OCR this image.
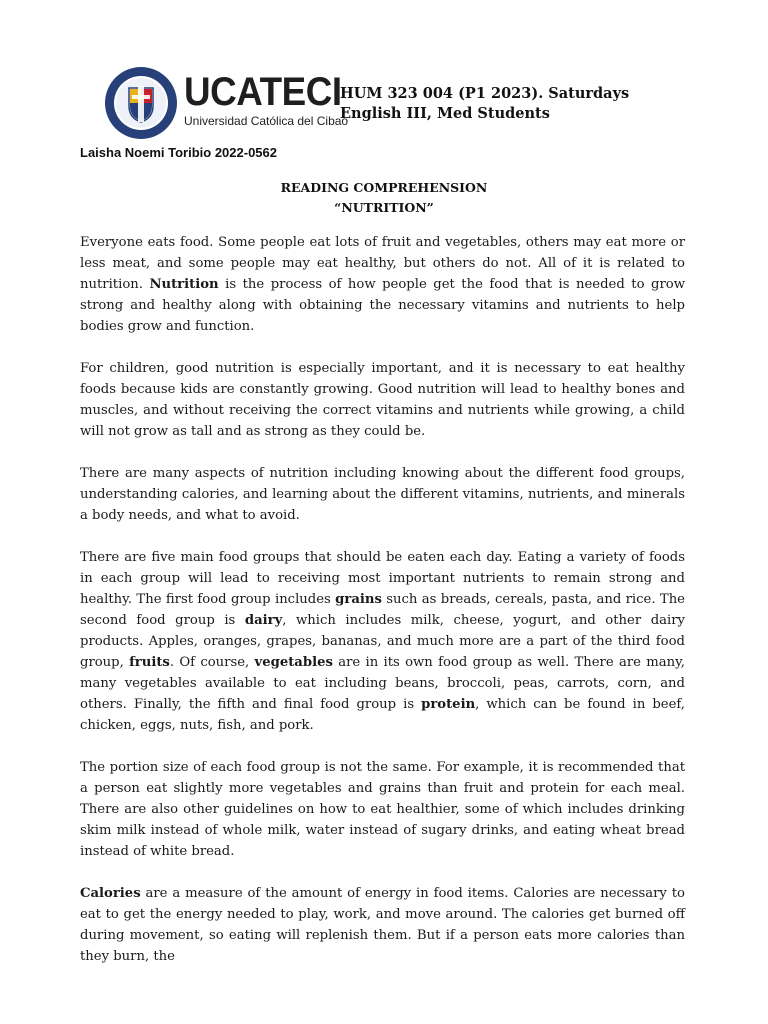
UCATECI
Universidad Católica del Cibao
HUM 323 004 (P1 2023). Saturdays
English III, Med Students
Laisha Noemi Toribio 2022-0562
READING COMPREHENSION
“NUTRITION”

Everyone eats food. Some people eat lots of fruit and vegetables, others may eat more or less meat, and some people may eat healthy, but others do not. All of it is related to nutrition. Nutrition is the process of how people get the food that is needed to grow strong and healthy along with obtaining the necessary vitamins and nutrients to help bodies grow and function.

For children, good nutrition is especially important, and it is necessary to eat healthy foods because kids are constantly growing. Good nutrition will lead to healthy bones and muscles, and without receiving the correct vitamins and nutrients while growing, a child will not grow as tall and as strong as they could be.

There are many aspects of nutrition including knowing about the different food groups, understanding calories, and learning about the different vitamins, nutrients, and minerals a body needs, and what to avoid.

There are five main food groups that should be eaten each day. Eating a variety of foods in each group will lead to receiving most important nutrients to remain strong and healthy. The first food group includes grains such as breads, cereals, pasta, and rice. The second food group is dairy, which includes milk, cheese, yogurt, and other dairy products. Apples, oranges, grapes, bananas, and much more are a part of the third food group, fruits. Of course, vegetables are in its own food group as well. There are many, many vegetables available to eat including beans, broccoli, peas, carrots, corn, and others. Finally, the fifth and final food group is protein, which can be found in beef, chicken, eggs, nuts, fish, and pork.

The portion size of each food group is not the same. For example, it is recommended that a person eat slightly more vegetables and grains than fruit and protein for each meal. There are also other guidelines on how to eat healthier, some of which includes drinking skim milk instead of whole milk, water instead of sugary drinks, and eating wheat bread instead of white bread.

Calories are a measure of the amount of energy in food items. Calories are necessary to eat to get the energy needed to play, work, and move around. The calories get burned off during movement, so eating will replenish them. But if a person eats more calories than they burn, the
